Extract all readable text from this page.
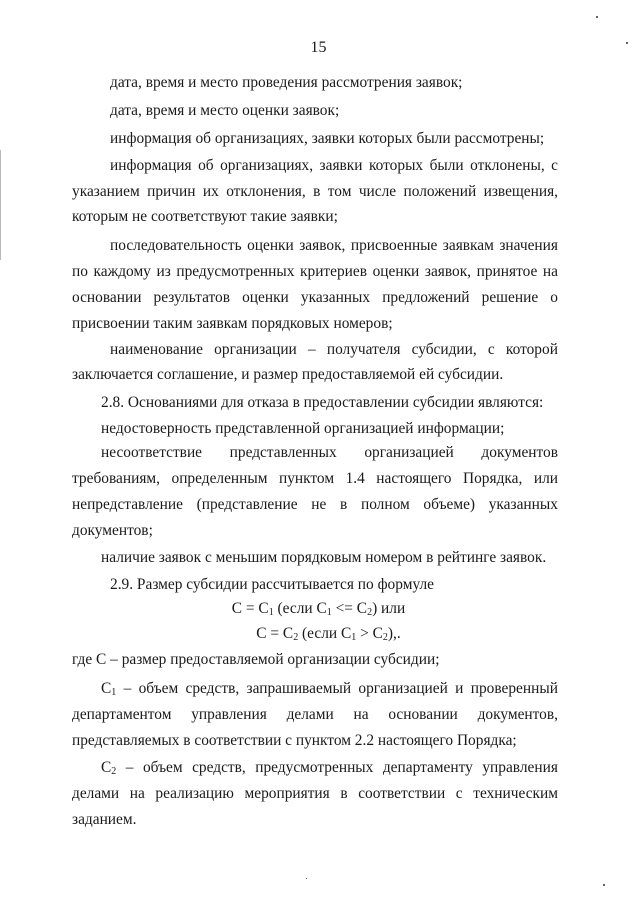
15
дата, время и место проведения рассмотрения заявок;
дата, время и место оценки заявок;
информация об организациях, заявки которых были рассмотрены;
информация об организациях, заявки которых были отклонены, с
указанием причин их отклонения, в том числе положений извещения,
которым не соответствуют такие заявки;
последовательность оценки заявок, присвоенные заявкам значения
по каждому из предусмотренных критериев оценки заявок, принятое на
основании результатов оценки указанных предложений решение о
присвоении таким заявкам порядковых номеров;
наименование организации – получателя субсидии, с которой
заключается соглашение, и размер предоставляемой ей субсидии.
2.8. Основаниями для отказа в предоставлении субсидии являются:
недостоверность представленной организацией информации;
несоответствие представленных организацией документов
требованиям, определенным пунктом 1.4 настоящего Порядка, или
непредставление (представление не в полном объеме) указанных
документов;
наличие заявок с меньшим порядковым номером в рейтинге заявок.
2.9. Размер субсидии рассчитывается по формуле
$С = С_1$ (если $С_1 <= С_2$) или
$С = С_2$ (если $С_1 > С_2$),.
где С – размер предоставляемой организации субсидии;
$С_1$ – объем средств, запрашиваемый организацией и проверенный
департаментом управления делами на основании документов,
представляемых в соответствии с пунктом 2.2 настоящего Порядка;
$С_2$ – объем средств, предусмотренных департаменту управления
делами на реализацию мероприятия в соответствии с техническим
заданием.
